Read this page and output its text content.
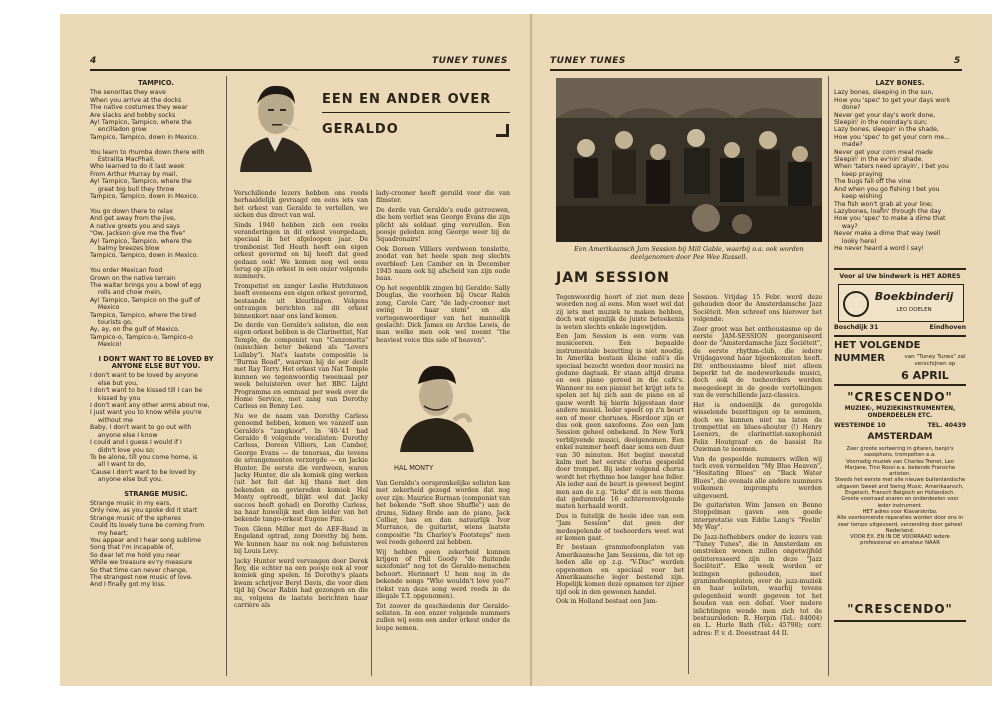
4	TUNEY TUNES
TAMPICO.
The senoritas they wave
When you arrive at the docks
The native costumes they wear
Are slacks and bobby socks
Ay! Tampico, Tampico, where the
encilladon grow
Tampico, Tampico, down in Mexico.

You learn to rhumba down there with
Estralita MacPhail,
Who learned to do it last week
From Arthur Murray by mail,
Ay! Tampico, Tampico, where the
great big bull they throw
Tampico, Tampico, down in Mexico.

You go down there to relax
And get away from the jive,
A native greets you and says
"Ow, Jackson give me the five"
Ay! Tampico, Tampico, where the
balmy breezes blow
Tampico, Tampico, down in Mexico.

You order Mexican food
Grown on the native terrain
The waiter brings you a bowl of egg
rolls and chow mein,
Ay! Tampico, Tampico on the gulf of
Mexico
Tampico, Tampico, where the tired
tourists go,
Ay, ay, on the gulf of Mexico.
Tampico-o, Tampico-o, Tampico-o
Mexico!
I DON'T WANT TO BE LOVED BY ANYONE ELSE BUT YOU.
I don't want to be loved by anyone
else but you,
I don't want to be kissed till I can be
kissed by you
I don't want any other arms about me,
I just want you to know while you're
without me
Baby, I don't want to go out with
anyone else I know
I could and I guess I would if I
didn't love you so;
To be alone, till you come home, is
all I want to do,
'Cause I don't want to be loved by
anyone else but you.
STRANGE MUSIC.
Strange music in my ears,
Only now, as you spoke did it start
Strange music of the spheres
Could its lovely tune be coming from
my heart;
You appear and I hear song sublime
Song that I'm incapable of,
So dear let me hold you near
While we treasure ev'ry measure
So that time can never change,
The strangest now music of love.
And I finally got my kiss.
EEN EN ANDER OVER
GERALDO

Verschillende lezers hebben ons reeds herhaaldelijk gevraagd om eens iets van het orkest van Geraldo te vertellen, we sicken dus direct van wal.

Sinds 1940 hebben zich een reeks veranderingen in dit orkest voorgedaan, speciaal in het afgeloopen jaar. De trombonist Ted Heath heeft een eigen orkest gevormd en hij heeft dat goed gedaan ook! We komen nog wel eens terug op zijn orkest in een onzer volgende nummers.

Trompetist en zanger Leslie Hutchinson heeft eveneens een eigen orkest gevormd, bestaande uit kleurlingen. Volgens ontvangen berichten zal dit orkest binnenkort naar ons land komen.

De derde van Geraldo's solisten, die een eigen orkest hebben is de Clarinettist, Nat Temple, de componist van "Canzonetta" (misschien beter bekend als "Lovers Lullaby"). Nat's laatste compositie is "Burma Road", waarvan hij de eer deelt met Ray Terry. Het orkest van Nat Temple kunnen we tegenwoordig tweemaal per week beluisteren over het BBC Light Programma en eenmaal per week over de Home Service, met zang van Dorothy Carless en Benny Lee.

Nu we de naam van Dorothy Carless genoemd hebben, komen we vanzelf aan Geraldo's "zangkoor". In '40-'41 had Geraldo 6 volgende vocalisten: Dorothy Carless, Doreen Villiers, Len Camber, George Evans — de tenorsax, die tevens de arrangementen verzorgde — en Jackie Hunter. De eerste die verdween, waren Jacky Hunter, die als komiek ging werken (uit het feit dat hij thans met den bekenden en geviereden komiek Hal Monty optreedt, blijkt wel dat Jacky succes heeft gehad) en Dorothy Carless, na haar huwelijk met den leider van het bekende tango-orkest Eugene Pini.

Toen Glenn Miller met de AEF-Band in Engeland optrad, zong Dorothy bij hem. We kunnen haar nu ook nog beluisteren bij Louis Levy.

Jacky Hunter werd vervangen door Derek Roy, die echter na een poosje ook al voor komiek ging spelen. In Dorothy's plaats kwam schrijver Beryl Davis, die voor dien tijd bij Oscar Rabin had gezongen en die nu, volgens de laatste berichten haar carrière als

lady-crooner heeft geruild voor die van filmster.

De derde van Geraldo's oude getrouwen, die hem verliet was George Evans die zijn plicht als soldaat ging vervullen. Een poosje geleden zong George weer bij de Squadronairs!

Ook Doreen Villiers verdween tenslotte, zoodat van het heele span nog slechts overbleef: Len Camber en in December 1945 naam ook hij afscheid van zijn oude baas.

Op het oogenblik zingen bij Geraldo: Sally Douglas, die voorheen bij Oscar Rabin zong, Carole Carr, "de lady-crooner met swing in haar stem" en als vertegenwoordiger van het mannelijk geslacht: Dick James en Archie Lewis, de man welke men ook wel noemt "the heaviest voice this side of heaven".

HAL MONTY

Van Geraldo's oorspronkelijke solisten kan met zekerheid gezegd worden dat nog over zijn: Maurice Burman (componist van het bekende "Soft shoe Shuffle") aan de drums, Sidney Bride aan de piano, Jack Collier, bas en dan natuurlijk Ivor Murrance, de guitarist, wiens laatste compositie "In Charley's Footsteps" men wel reeds gehoord zal hebben.

Wij hebben geen zekerheid kunnen krijgen of Phil Goody "de fluitende saxofonist" nog tot de Geraldo-menschen behoort. Herinnert U hem nog in de bekende songs "Who wouldn't love you?" (tekst van deze song werd reeds in de illegale T.T. opgenomen).

Tot zoover de geschiedenis der Geraldo-solisten. In een onzer volgende nummers zullen wij eens een ander orkest onder de loupe nemen.

TUNEY TUNES	5
Een Amerikaansch Jam Session bij Mill Gable, waarbij o.a. ook worden deelgenomen door Pee Wee Russell.
JAM SESSION

Tegenwoordig hoort of ziet men deze woorden nog al eens. Men weet wel dat zij iets met muziek te maken hebben, doch wat eigenlijk de juiste beteekenis is weten slechts enkele ingewijden.

Een Jam Session is een vorm van musiceeren. Een bepaalde instrumentale bezetting is niet noodig. In Amerika bestaan kleine café's die speciaal bezocht worden door musici na gedane dagtaak. Er staan altijd drums en een piano gereed in die café's. Wanneer nu een pianist het krijgt iets te spelen zet hij zich aan de piano en al gauw wordt hij hierin bijgestaan door andere musici. Ieder speelt op z'n beurt een of meer choruses. Hierdoor zijn er dus ook geen saxofoons. Zoo een Jam Session geheel onbekend. In New York verblijvende musici, deelgenomen. Een enkel nummer heeft daar soms een duur van 30 minuten. Het begint meestal kalm met het eerste chorus gespeeld door trompet. Bij ieder volgend chorus wordt het rhythme hoe langer hoe feller. Als ieder aan de beurt is geweest begint men aan de z.g. "licks" dit is een thema dat gedurende 16 achtereenvolgende maten herhaald wordt.

Dus is feitelijk de heele idee van een "Jam Session" dat geen der medespelende of toehoorders weet wat er komen gaat.

Er bestaan grammofoonplaten van Amerikaansche Jam Sessions, die tot op heden alle op z.g. "V-Disc" werden opgenomen en speciaal voor het Amerikaansche leger bestemd zijn. Hopelijk komen deze opnamen ter zijner tijd ook in den gewonen handel.

Ook in Holland bestaat een Jam-

Session. Vrijdag 15 Febr. werd deze gehouden door de Amsterdamsche Jazz Sociëteit. Men schreef ons hierover het volgende:

Zeer groot was het enthousiasme op de eerste JAM-SESSION georganiseerd door de "Amsterdamsche Jazz Sociëteit", de eerste rhythm-club, die iedere Vrijdagavond haar bijeenkomsten heeft. Dit enthousiasme bleef niet alleen beperkt tot de medewerkende musici, doch ook de toehoorders werden meegesleept in de goede vertolkingen van de verschillende jazz-classics.

Het is ondoenlijk de geregelde wisselende bezettingen op te sommen, doch we kunnen niet na laten de trompettist en blues-shouter (!) Henry Leeners, de clarinettist-saxophonist Felix Houtgraaf en de bassist Ite Ouwman te noemen.

Van de gespeelde nummers willen wij toch even vermelden "My Blue Heaven", "Hesitating Blues" en "Back Water Blues", die evenals alle andere nummers volkomen impromptu werden uitgevoerd.

De guitaristen Wim Jansen en Benno Stoppelman gaven een goede interpretatie van Eddie Lang's "Feelin' My Way".

De Jazz-liefhebbers onder de lezers van "Tuney Tunes", die in Amsterdam en omstreken wonen zullen ongetwijfeld geïnteresseerd zijn in deze "Jazz Sociëteit". Elke week worden er lezingen gehouden, met grammofoonplaten, over de jazz-muziek en haar solisten, waarbij tevens gelegenheid wordt gegeven tot het houden van een debat. Voor nadere inlichtingen wende men zich tot de bestuursleden: R. Herpin (Tel.: 84004) en L. Hurle Bath (Tel.: 45798); corr. adres: P. v. d. Doesstraat 44 II.

LAZY BONES.
Lazy bones, sleeping in the sun,
How you 'spec' to get your days work
done?
Never get your day's work done,
Sleepin' in the noonday's sun;
Lazy bones, sleepin' in the shade,
How you 'spec' to get your corn me...
made?
Never get your corn meal made
Sleepin' in the ev'nin' shade.
When 'taters need sprayin', I bet you
keep praying
The bugs fall off the vine
And when you go fishing I bet you
keep wishing
The fish won't grab at your line;
Lazybones, loafin' through the day
How you 'spec' to make a dime that
way?
Never make a dime that way (well
looky here)
He never heard a word I say!
Voor al Uw bindwerk is HET ADRES
Boekbinderij
LEO DOELEN
Boschdijk 31	Eindhoven
HET VOLGENDE
NUMMER	van "Tuney Tunes" zal verschijnen op
6 APRIL
"CRESCENDO"
MUZIEK-, MUZIEKINSTRUMENTEN, ONDERDEELEN ETC.
WESTEINDE 10	TEL. 40439
AMSTERDAM
Zeer groote sorteering in gitaren, banjo's saxophons, trompetten e.a.
Voorradig muziek van Charles Trenet, Leo Marjane, Tino Rossi e.a. bekende Fransche artisten.
Steeds het eerste met alle nieuwe buitenlandsche uitgaven Sweet and Swing Music, Amerikaansch, Engelsch, Fransch Belgisch en Hollandsch.
Groote voorraad snaren en onderdeelen voor ieder instrument.
HET adres voor Klavarskribo.
Alle voorkomende reparaties worden door ons in zeer tempo uitgevoerd, verzending door geheel Nederland.
VOOR EX. EN IN DE VOORRAAD iedere professional en amateur NAAR
"CRESCENDO"
